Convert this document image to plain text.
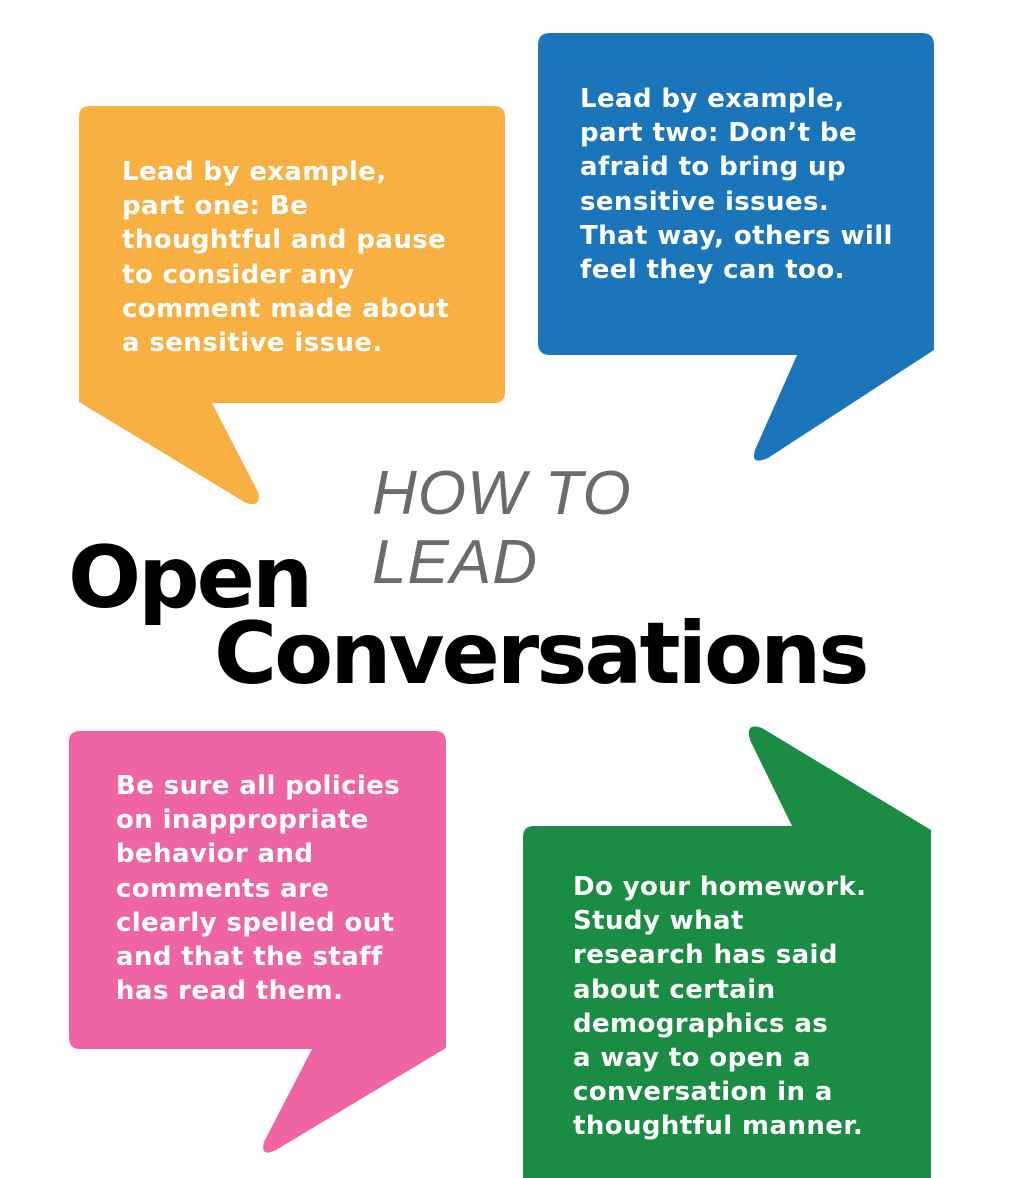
Lead by example,
part one: Be
thoughtful and pause
to consider any
comment made about
a sensitive issue.
Lead by example,
part two: Don’t be
afraid to bring up
sensitive issues.
That way, others will
feel they can too.
HOW TO
LEAD
Open
Conversations
Be sure all policies
on inappropriate
behavior and
comments are
clearly spelled out
and that the staff
has read them.
Do your homework.
Study what
research has said
about certain
demographics as
a way to open a
conversation in a
thoughtful manner.
